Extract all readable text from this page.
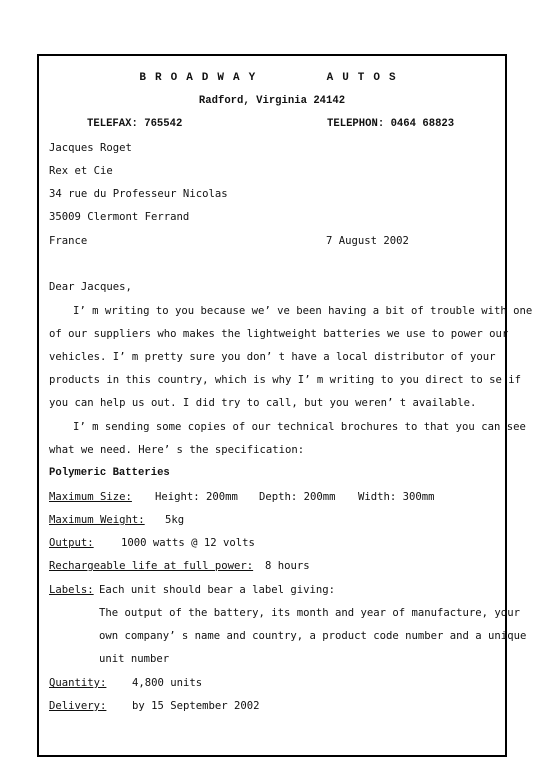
BROADWAY    AUTOS
Radford, Virginia 24142
TELEFAX: 765542	TELEPHON: 0464 68823
Jacques Roget
Rex et Cie
34 rue du Professeur Nicolas
35009 Clermont Ferrand
France	7 August 2002
Dear Jacques,
I’ m writing to you because we’ ve been having a bit of trouble with one
of our suppliers who makes the lightweight batteries we use to power our
vehicles. I’ m pretty sure you don’ t have a local distributor of your
products in this country, which is why I’ m writing to you direct to se if
you can help us out. I did try to call, but you weren’ t available.
I’ m sending some copies of our technical brochures to that you can see
what we need. Here’ s the specification:
Polymeric Batteries
Maximum Size: Height: 200mm Depth: 200mm Width: 300mm
Maximum Weight: 5kg
Output:	1000 watts @ 12 volts
Rechargeable life at full power: 8 hours
Labels: Each unit should bear a label giving:
The output of the battery, its month and year of manufacture, your
own company’ s name and country, a product code number and a unique
unit number
Quantity: 4,800 units
Delivery: by 15 September 2002
